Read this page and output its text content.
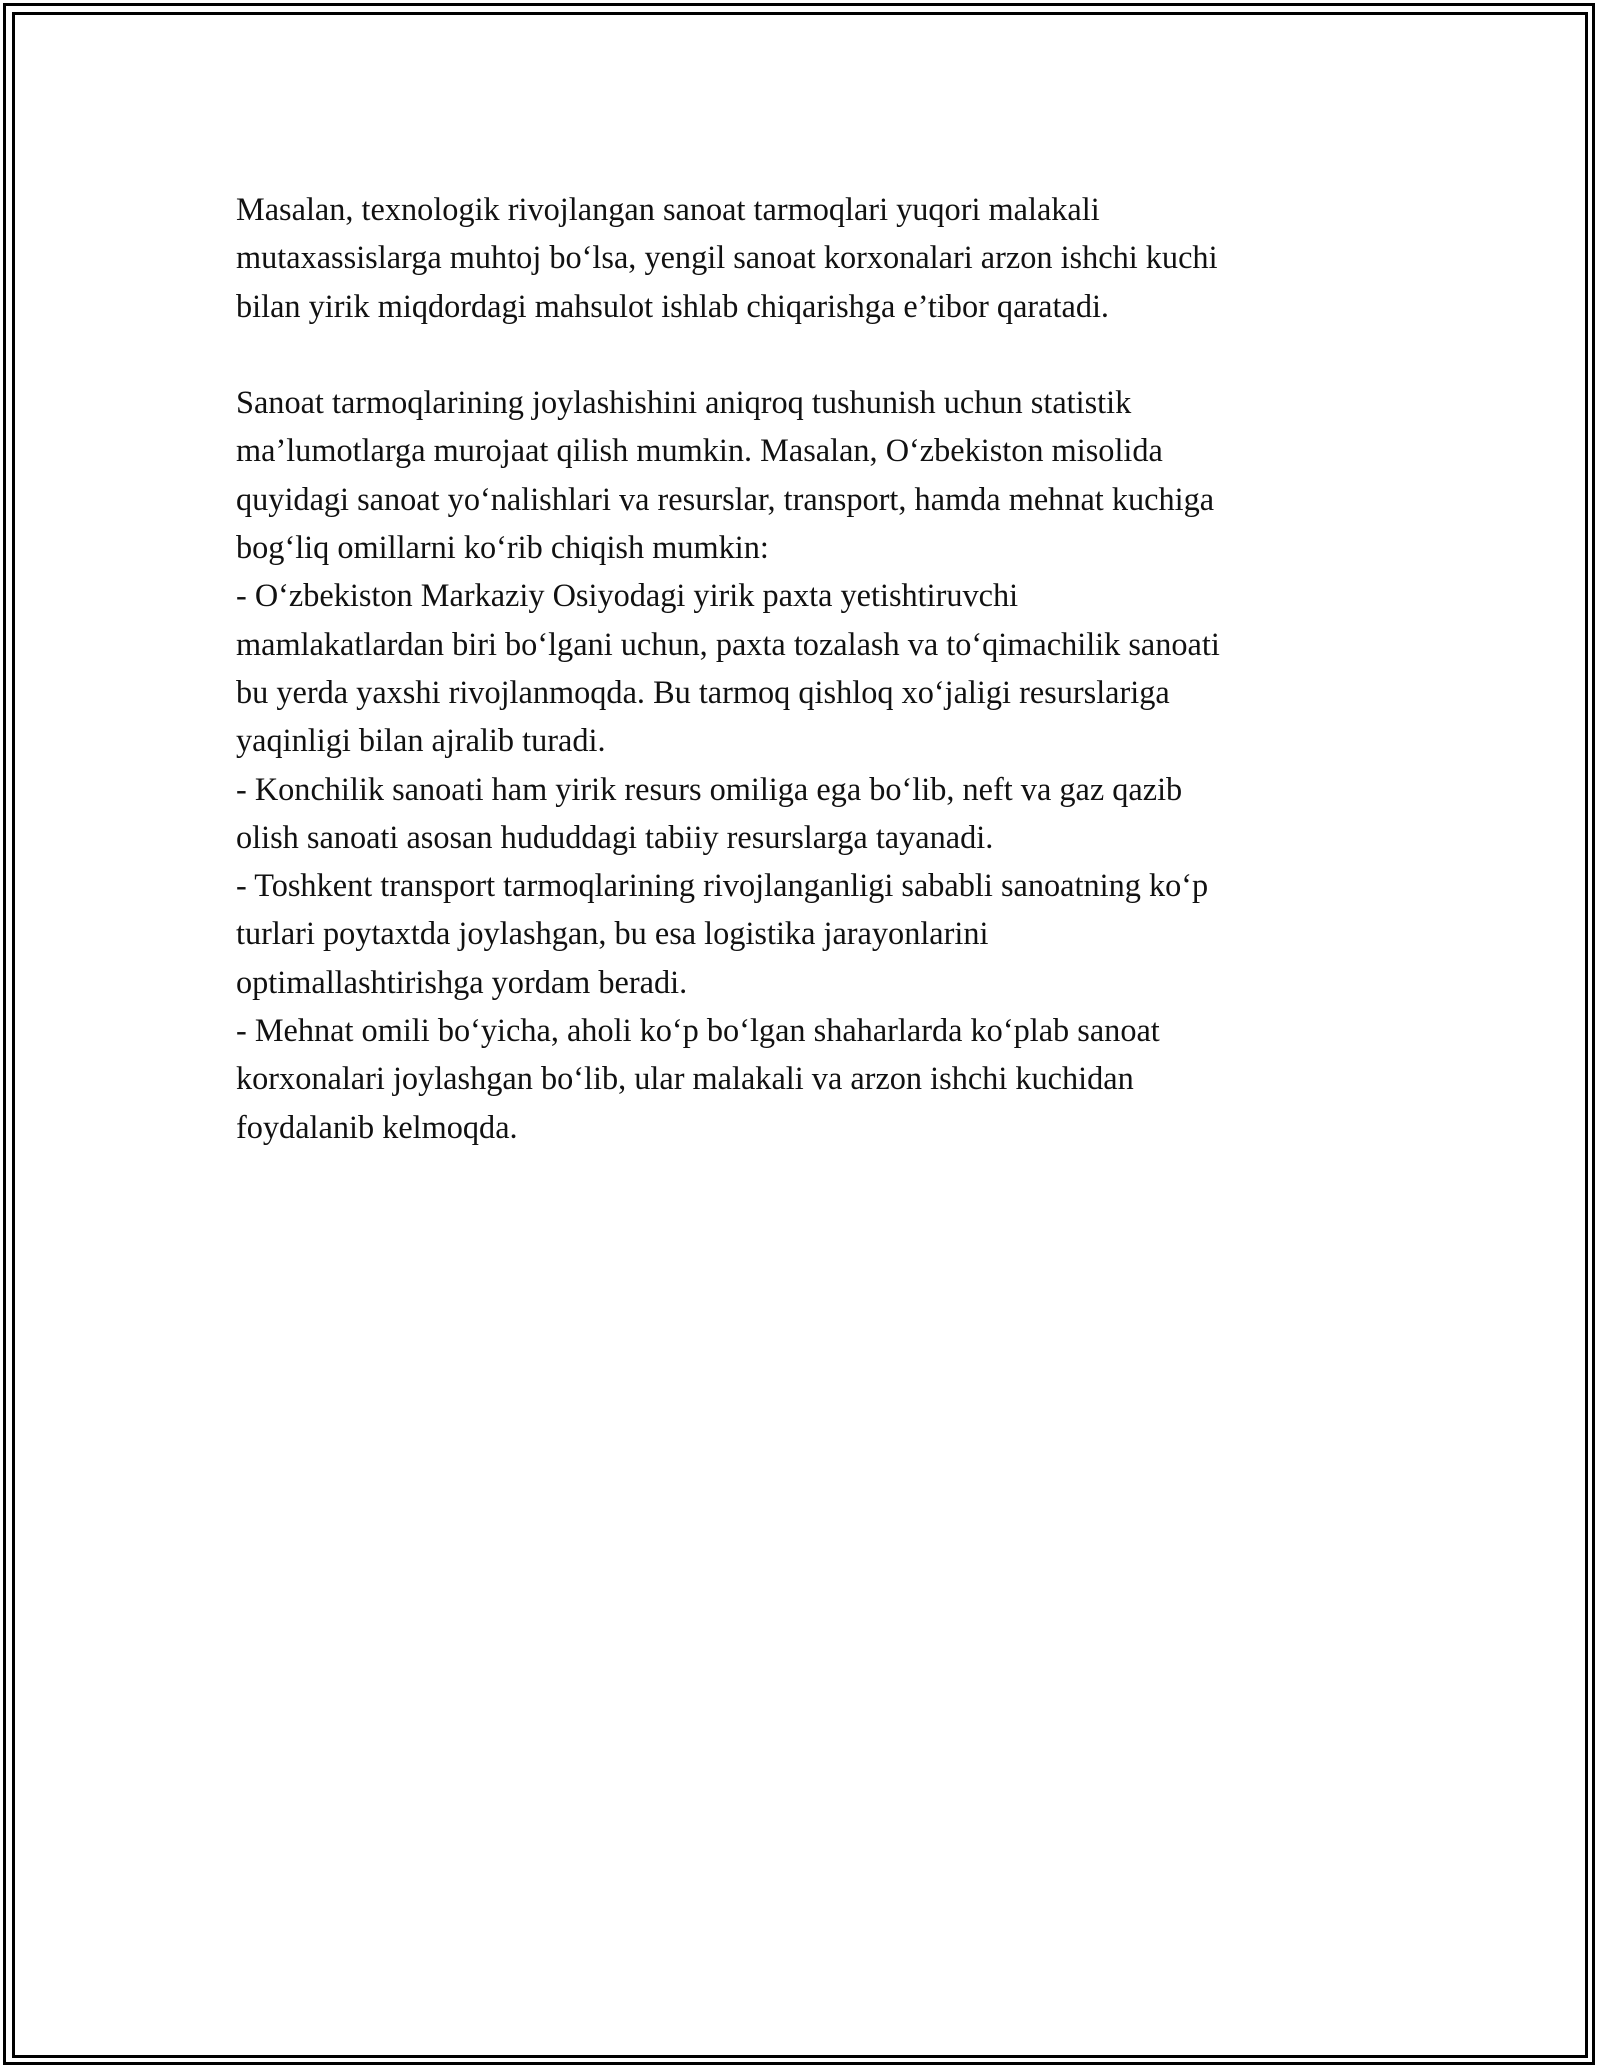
Masalan, texnologik rivojlangan sanoat tarmoqlari yuqori malakali
mutaxassislarga muhtoj bo‘lsa, yengil sanoat korxonalari arzon ishchi kuchi
bilan yirik miqdordagi mahsulot ishlab chiqarishga e’tibor qaratadi.

Sanoat tarmoqlarining joylashishini aniqroq tushunish uchun statistik
ma’lumotlarga murojaat qilish mumkin. Masalan, O‘zbekiston misolida
quyidagi sanoat yo‘nalishlari va resurslar, transport, hamda mehnat kuchiga
bog‘liq omillarni ko‘rib chiqish mumkin:
- O‘zbekiston Markaziy Osiyodagi yirik paxta yetishtiruvchi
mamlakatlardan biri bo‘lgani uchun, paxta tozalash va to‘qimachilik sanoati
bu yerda yaxshi rivojlanmoqda. Bu tarmoq qishloq xo‘jaligi resurslariga
yaqinligi bilan ajralib turadi.
- Konchilik sanoati ham yirik resurs omiliga ega bo‘lib, neft va gaz qazib
olish sanoati asosan hududdagi tabiiy resurslarga tayanadi.
- Toshkent transport tarmoqlarining rivojlanganligi sababli sanoatning ko‘p
turlari poytaxtda joylashgan, bu esa logistika jarayonlarini
optimallashtirishga yordam beradi.
- Mehnat omili bo‘yicha, aholi ko‘p bo‘lgan shaharlarda ko‘plab sanoat
korxonalari joylashgan bo‘lib, ular malakali va arzon ishchi kuchidan
foydalanib kelmoqda.
